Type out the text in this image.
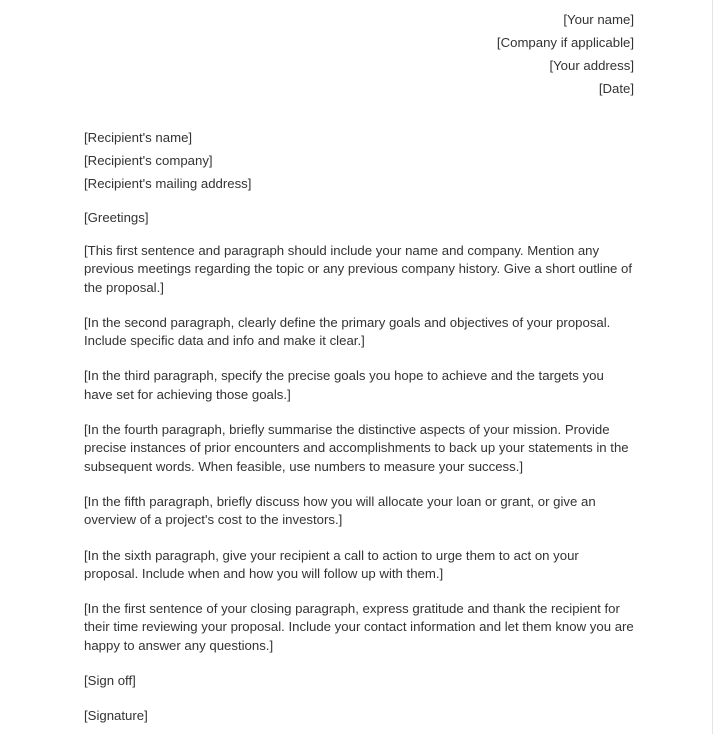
[Your name]
[Company if applicable]
[Your address]
[Date]
[Recipient's name]
[Recipient's company]
[Recipient's mailing address]
[Greetings]

[This first sentence and paragraph should include your name and company. Mention any previous meetings regarding the topic or any previous company history. Give a short outline of the proposal.]

[In the second paragraph, clearly define the primary goals and objectives of your proposal. Include specific data and info and make it clear.]

[In the third paragraph, specify the precise goals you hope to achieve and the targets you have set for achieving those goals.]

[In the fourth paragraph, briefly summarise the distinctive aspects of your mission. Provide precise instances of prior encounters and accomplishments to back up your statements in the subsequent words. When feasible, use numbers to measure your success.]

[In the fifth paragraph, briefly discuss how you will allocate your loan or grant, or give an overview of a project's cost to the investors.]

[In the sixth paragraph, give your recipient a call to action to urge them to act on your proposal. Include when and how you will follow up with them.]

[In the first sentence of your closing paragraph, express gratitude and thank the recipient for their time reviewing your proposal. Include your contact information and let them know you are happy to answer any questions.]

[Sign off]
[Signature]
